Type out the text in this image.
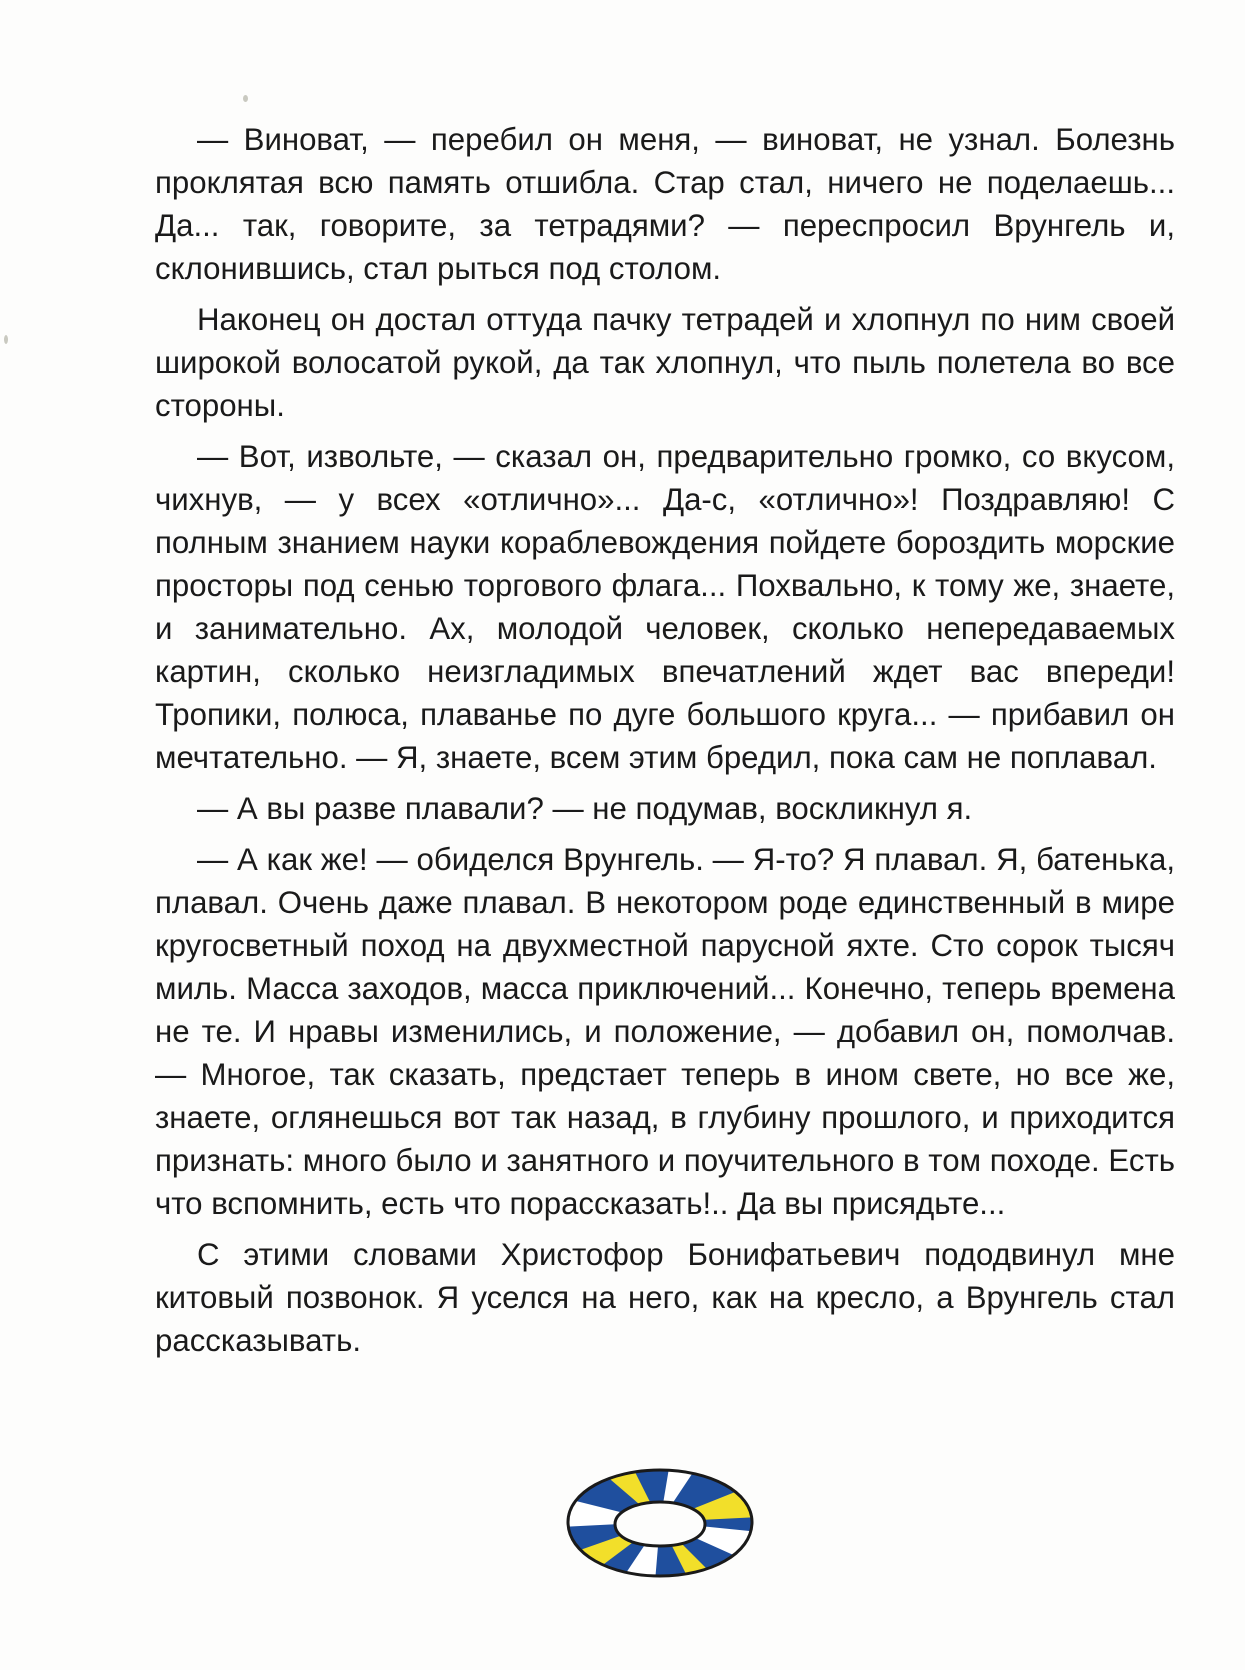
— Виноват, — перебил он меня, — виноват, не узнал. Болезнь проклятая всю память отшибла. Стар стал, ничего не поделаешь... Да... так, говорите, за тетрадями? — переспросил Врунгель и, склонившись, стал рыться под столом.

Наконец он достал оттуда пачку тетрадей и хлопнул по ним своей широкой волосатой рукой, да так хлопнул, что пыль полетела во все стороны.

— Вот, извольте, — сказал он, предварительно громко, со вкусом, чихнув, — у всех «отлично»... Да-с, «отлично»! Поздравляю! С полным знанием науки кораблевождения пойдете бороздить морские просторы под сенью торгового флага... Похвально, к тому же, знаете, и занимательно. Ах, молодой человек, сколько непередаваемых картин, сколько неизгладимых впечатлений ждет вас впереди! Тропики, полюса, плаванье по дуге большого круга... — прибавил он мечтательно. — Я, знаете, всем этим бредил, пока сам не поплавал.

— А вы разве плавали? — не подумав, воскликнул я.

— А как же! — обиделся Врунгель. — Я-то? Я плавал. Я, батенька, плавал. Очень даже плавал. В некотором роде единственный в мире кругосветный поход на двухместной парусной яхте. Сто сорок тысяч миль. Масса заходов, масса приключений... Конечно, теперь времена не те. И нравы изменились, и положение, — добавил он, помолчав. — Многое, так сказать, предстает теперь в ином свете, но все же, знаете, оглянешься вот так назад, в глубину прошлого, и приходится признать: много было и занятного и поучительного в том походе. Есть что вспомнить, есть что порассказать!.. Да вы присядьте...

С этими словами Христофор Бонифатьевич пододвинул мне китовый позвонок. Я уселся на него, как на кресло, а Врунгель стал рассказывать.
